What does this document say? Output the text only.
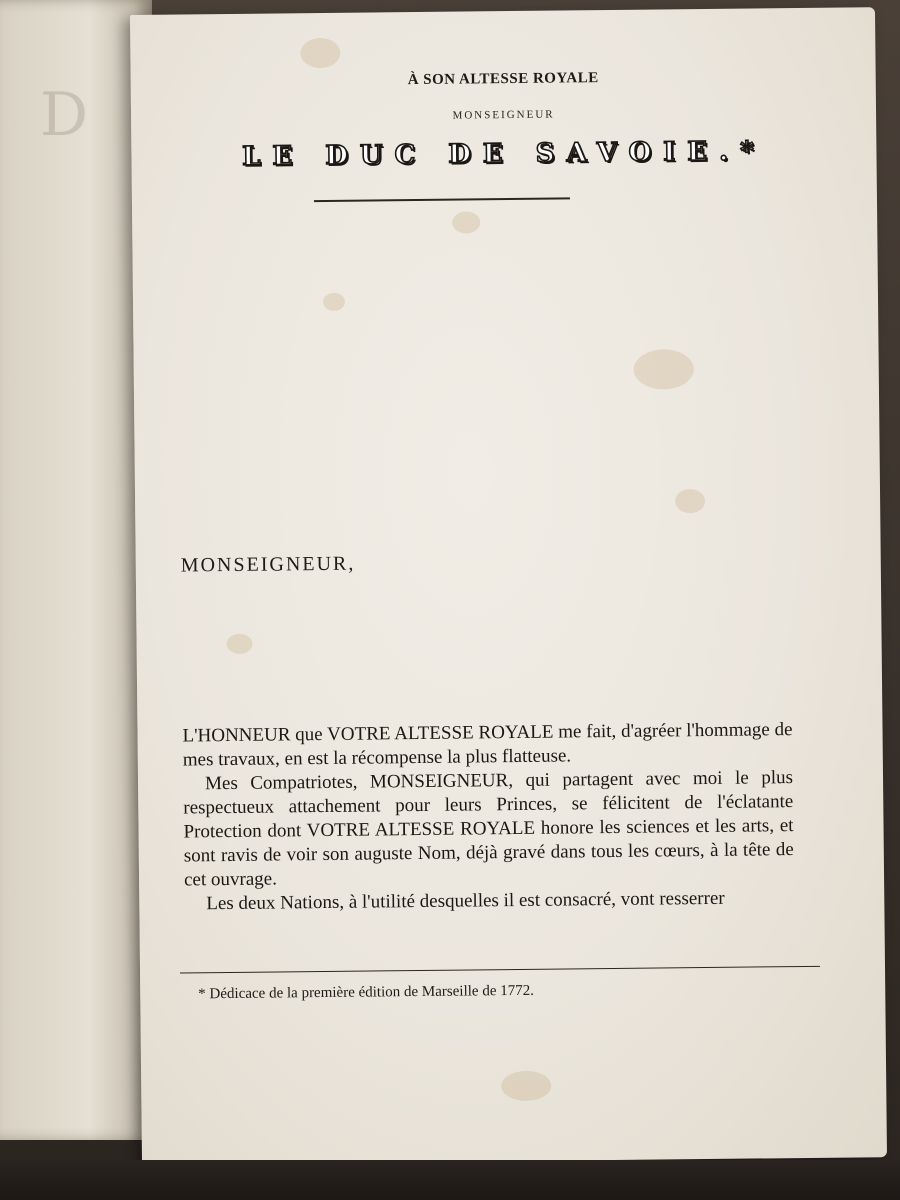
D
À SON ALTESSE ROYALE
MONSEIGNEUR
LE DUC DE SAVOIE.*
MONSEIGNEUR,

L'HONNEUR que VOTRE ALTESSE ROYALE me fait, d'agréer l'hommage de mes travaux, en est la récompense la plus flatteuse.

Mes Compatriotes, MONSEIGNEUR, qui partagent avec moi le plus respectueux attachement pour leurs Princes, se félicitent de l'éclatante Protection dont VOTRE ALTESSE ROYALE honore les sciences et les arts, et sont ravis de voir son auguste Nom, déjà gravé dans tous les cœurs, à la tête de cet ouvrage.

Les deux Nations, à l'utilité desquelles il est consacré, vont resserrer

* Dédicace de la première édition de Marseille de 1772.
